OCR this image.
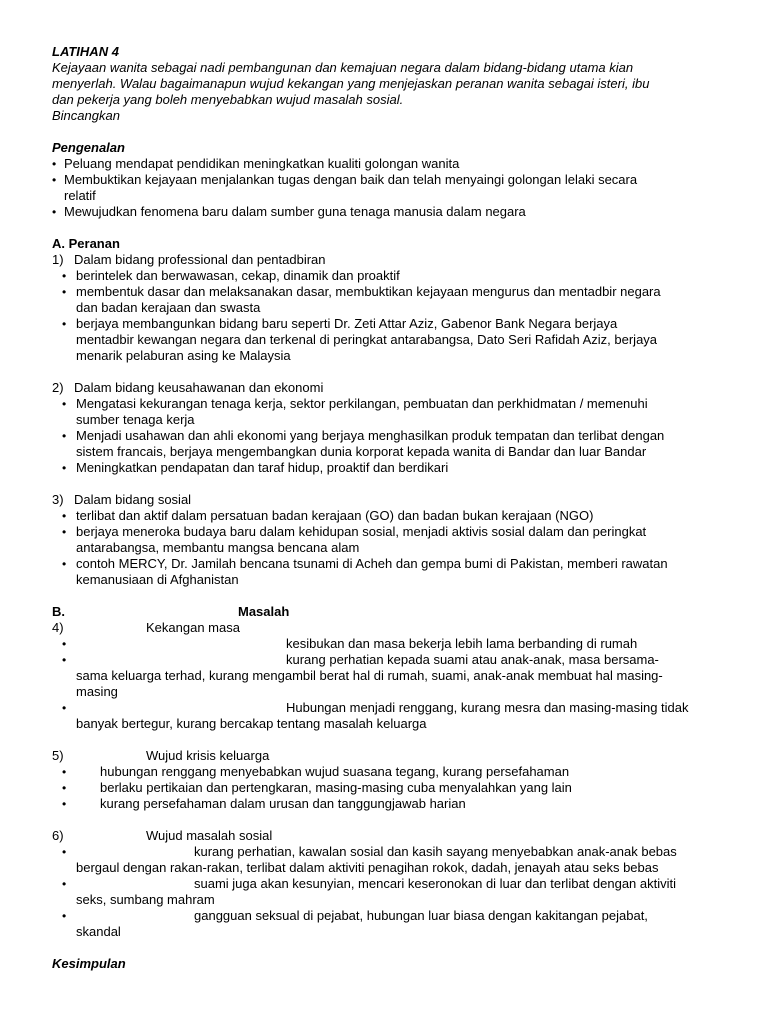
LATIHAN 4
Kejayaan wanita sebagai nadi pembangunan dan kemajuan negara dalam bidang-bidang utama kian
menyerlah. Walau bagaimanapun wujud kekangan yang menjejaskan peranan wanita sebagai isteri, ibu
dan pekerja yang boleh menyebabkan wujud masalah sosial.
Bincangkan
Pengenalan
• Peluang mendapat pendidikan meningkatkan kualiti golongan wanita
• Membuktikan kejayaan menjalankan tugas dengan baik dan telah menyaingi golongan lelaki secara
relatif
• Mewujudkan fenomena baru dalam sumber guna tenaga manusia dalam negara
A. Peranan
1) Dalam bidang professional dan pentadbiran
• berintelek dan berwawasan, cekap, dinamik dan proaktif
• membentuk dasar dan melaksanakan dasar, membuktikan kejayaan mengurus dan mentadbir negara
dan badan kerajaan dan swasta
• berjaya membangunkan bidang baru seperti Dr. Zeti Attar Aziz, Gabenor Bank Negara berjaya
mentadbir kewangan negara dan terkenal di peringkat antarabangsa, Dato Seri Rafidah Aziz, berjaya
menarik pelaburan asing ke Malaysia
2) Dalam bidang keusahawanan dan ekonomi
• Mengatasi kekurangan tenaga kerja, sektor perkilangan, pembuatan dan perkhidmatan / memenuhi
sumber tenaga kerja
• Menjadi usahawan dan ahli ekonomi yang berjaya menghasilkan produk tempatan dan terlibat dengan
sistem francais, berjaya mengembangkan dunia korporat kepada wanita di Bandar dan luar Bandar
• Meningkatkan pendapatan dan taraf hidup, proaktif dan berdikari
3) Dalam bidang sosial
• terlibat dan aktif dalam persatuan badan kerajaan (GO) dan badan bukan kerajaan (NGO)
• berjaya meneroka budaya baru dalam kehidupan sosial, menjadi aktivis sosial dalam dan peringkat
antarabangsa, membantu mangsa bencana alam
• contoh MERCY, Dr. Jamilah bencana tsunami di Acheh dan gempa bumi di Pakistan, memberi rawatan
kemanusiaan di Afghanistan
B.	Masalah
4)	Kekangan masa
•	kesibukan dan masa bekerja lebih lama berbanding di rumah
•	kurang perhatian kepada suami atau anak-anak, masa bersama-
sama keluarga terhad, kurang mengambil berat hal di rumah, suami, anak-anak membuat hal masing-
masing
•	Hubungan menjadi renggang, kurang mesra dan masing-masing tidak
banyak bertegur, kurang bercakap tentang masalah keluarga
5)	Wujud krisis keluarga
•	hubungan renggang menyebabkan wujud suasana tegang, kurang persefahaman
•	berlaku pertikaian dan pertengkaran, masing-masing cuba menyalahkan yang lain
•	kurang persefahaman dalam urusan dan tanggungjawab harian
6)	Wujud masalah sosial
•	kurang perhatian, kawalan sosial dan kasih sayang menyebabkan anak-anak bebas
bergaul dengan rakan-rakan, terlibat dalam aktiviti penagihan rokok, dadah, jenayah atau seks bebas
•	suami juga akan kesunyian, mencari keseronokan di luar dan terlibat dengan aktiviti
seks, sumbang mahram
•	gangguan seksual di pejabat, hubungan luar biasa dengan kakitangan pejabat,
skandal
Kesimpulan
